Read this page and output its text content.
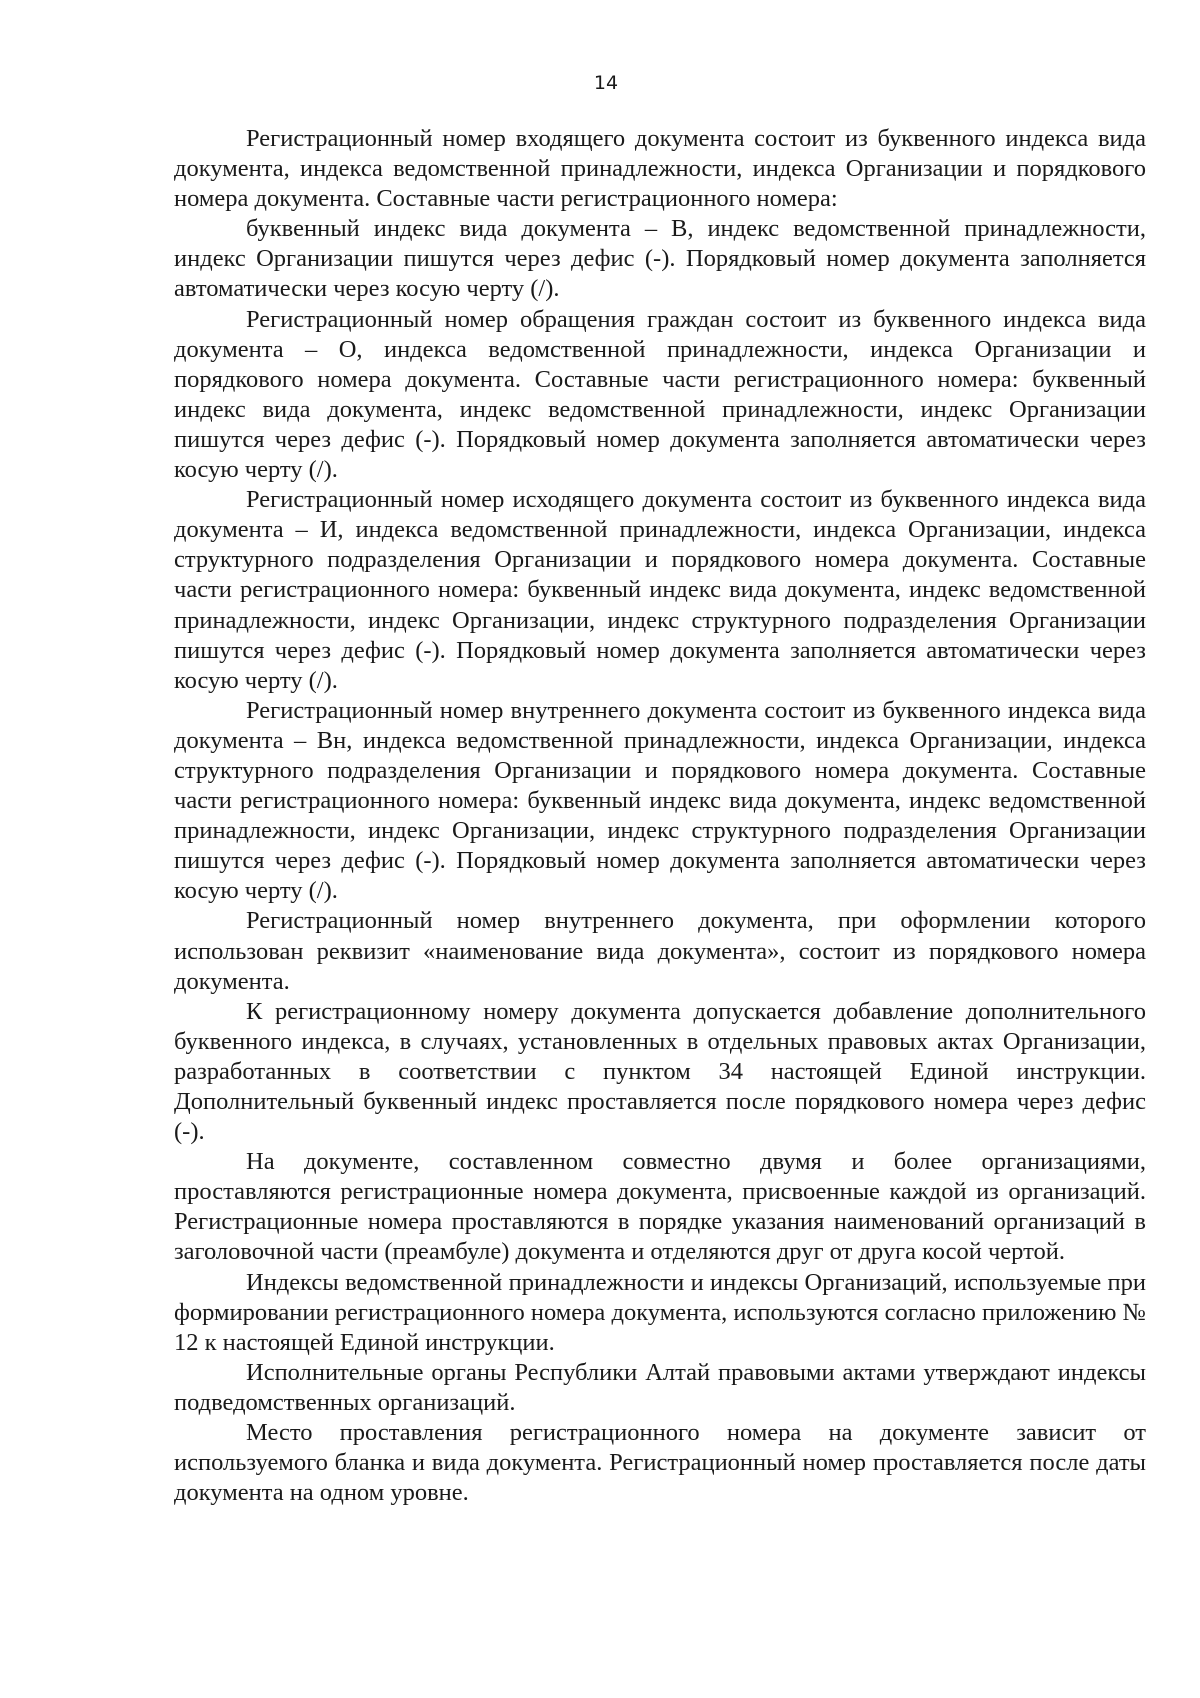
14

Регистрационный номер входящего документа состоит из буквенного индекса вида документа, индекса ведомственной принадлежности, индекса Организации и порядкового номера документа. Составные части регистрационного номера:

буквенный индекс вида документа – В, индекс ведомственной принадлежности, индекс Организации пишутся через дефис (-). Порядковый номер документа заполняется автоматически через косую черту (/).

Регистрационный номер обращения граждан состоит из буквенного индекса вида документа – О, индекса ведомственной принадлежности, индекса Организации и порядкового номера документа. Составные части регистрационного номера: буквенный индекс вида документа, индекс ведомственной принадлежности, индекс Организации пишутся через дефис (-). Порядковый номер документа заполняется автоматически через косую черту (/).

Регистрационный номер исходящего документа состоит из буквенного индекса вида документа – И, индекса ведомственной принадлежности, индекса Организации, индекса структурного подразделения Организации и порядкового номера документа. Составные части регистрационного номера: буквенный индекс вида документа, индекс ведомственной принадлежности, индекс Организации, индекс структурного подразделения Организации пишутся через дефис (-). Порядковый номер документа заполняется автоматически через косую черту (/).

Регистрационный номер внутреннего документа состоит из буквенного индекса вида документа – Вн, индекса ведомственной принадлежности, индекса Организации, индекса структурного подразделения Организации и порядкового номера документа. Составные части регистрационного номера: буквенный индекс вида документа, индекс ведомственной принадлежности, индекс Организации, индекс структурного подразделения Организации пишутся через дефис (-). Порядковый номер документа заполняется автоматически через косую черту (/).

Регистрационный номер внутреннего документа, при оформлении которого использован реквизит «наименование вида документа», состоит из порядкового номера документа.

К регистрационному номеру документа допускается добавление дополнительного буквенного индекса, в случаях, установленных в отдельных правовых актах Организации, разработанных в соответствии с пунктом 34 настоящей Единой инструкции. Дополнительный буквенный индекс проставляется после порядкового номера через дефис (-).

На документе, составленном совместно двумя и более организациями, проставляются регистрационные номера документа, присвоенные каждой из организаций. Регистрационные номера проставляются в порядке указания наименований организаций в заголовочной части (преамбуле) документа и отделяются друг от друга косой чертой.

Индексы ведомственной принадлежности и индексы Организаций, используемые при формировании регистрационного номера документа, используются согласно приложению № 12 к настоящей Единой инструкции.

Исполнительные органы Республики Алтай правовыми актами утверждают индексы подведомственных организаций.

Место проставления регистрационного номера на документе зависит от используемого бланка и вида документа. Регистрационный номер проставляется после даты документа на одном уровне.
